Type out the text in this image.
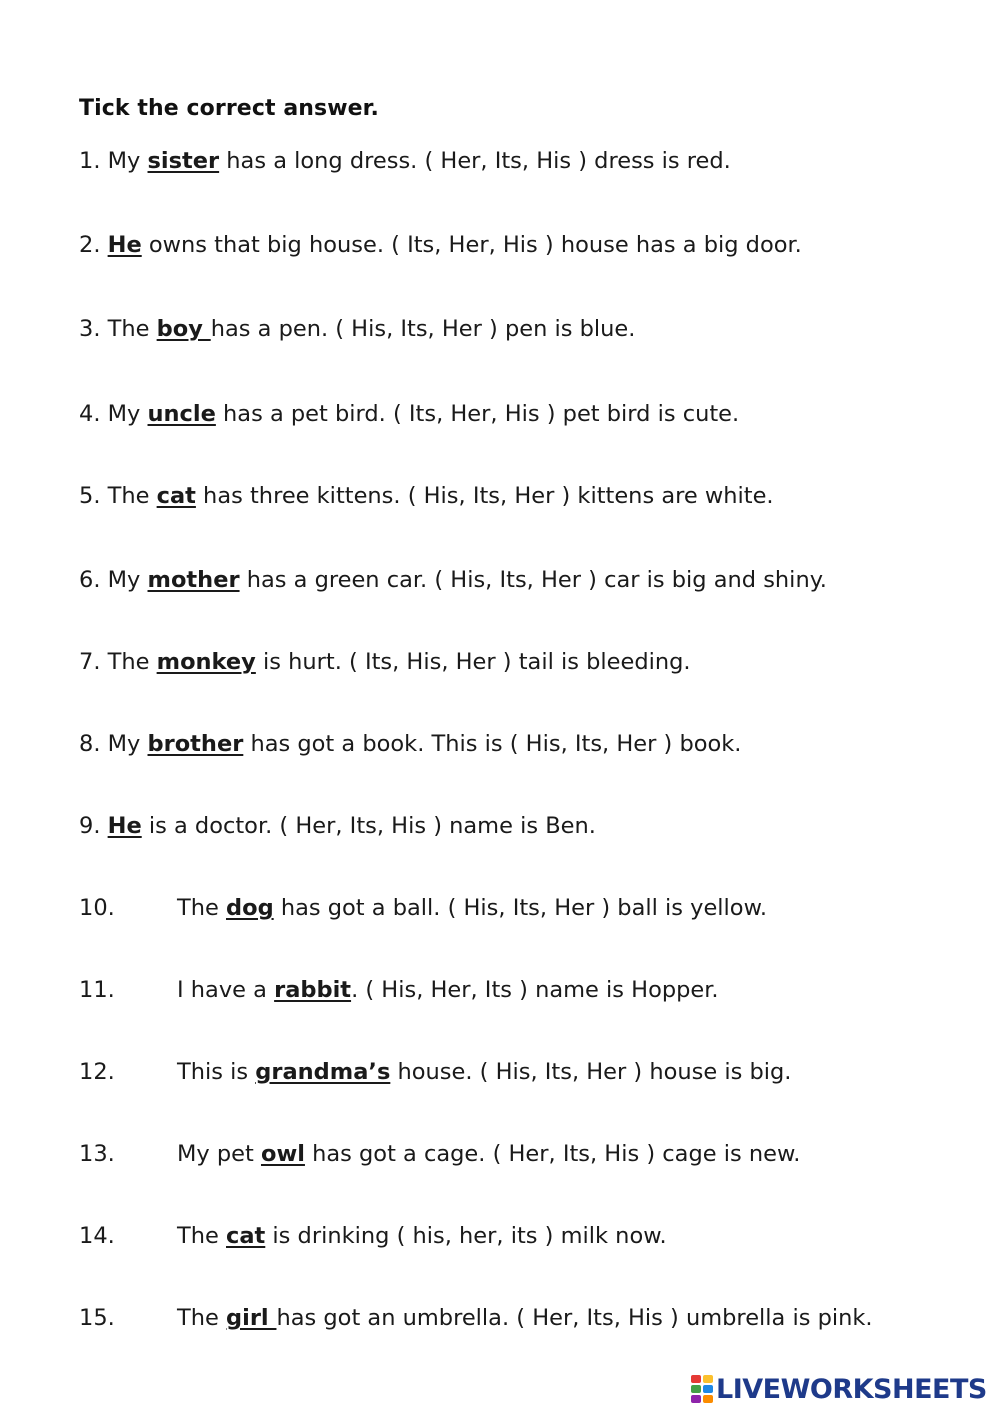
Tick the correct answer.
1. My sister has a long dress. ( Her, Its, His ) dress is red.
2. He owns that big house. ( Its, Her, His ) house has a big door.
3. The boy has a pen. ( His, Its, Her ) pen is blue.
4. My uncle has a pet bird. ( Its, Her, His ) pet bird is cute.
5. The cat has three kittens. ( His, Its, Her ) kittens are white.
6. My mother has a green car. ( His, Its, Her ) car is big and shiny.
7. The monkey is hurt. ( Its, His, Her ) tail is bleeding.
8. My brother has got a book. This is ( His, Its, Her ) book.
9. He is a doctor. ( Her, Its, His ) name is Ben.
10.	The dog has got a ball. ( His, Its, Her ) ball is yellow.
11.	I have a rabbit. ( His, Her, Its ) name is Hopper.
12.	This is grandma’s house. ( His, Its, Her ) house is big.
13.	My pet owl has got a cage. ( Her, Its, His ) cage is new.
14.	The cat is drinking ( his, her, its ) milk now.
15.	The girl has got an umbrella. ( Her, Its, His ) umbrella is pink.
LIVEWORKSHEETS
